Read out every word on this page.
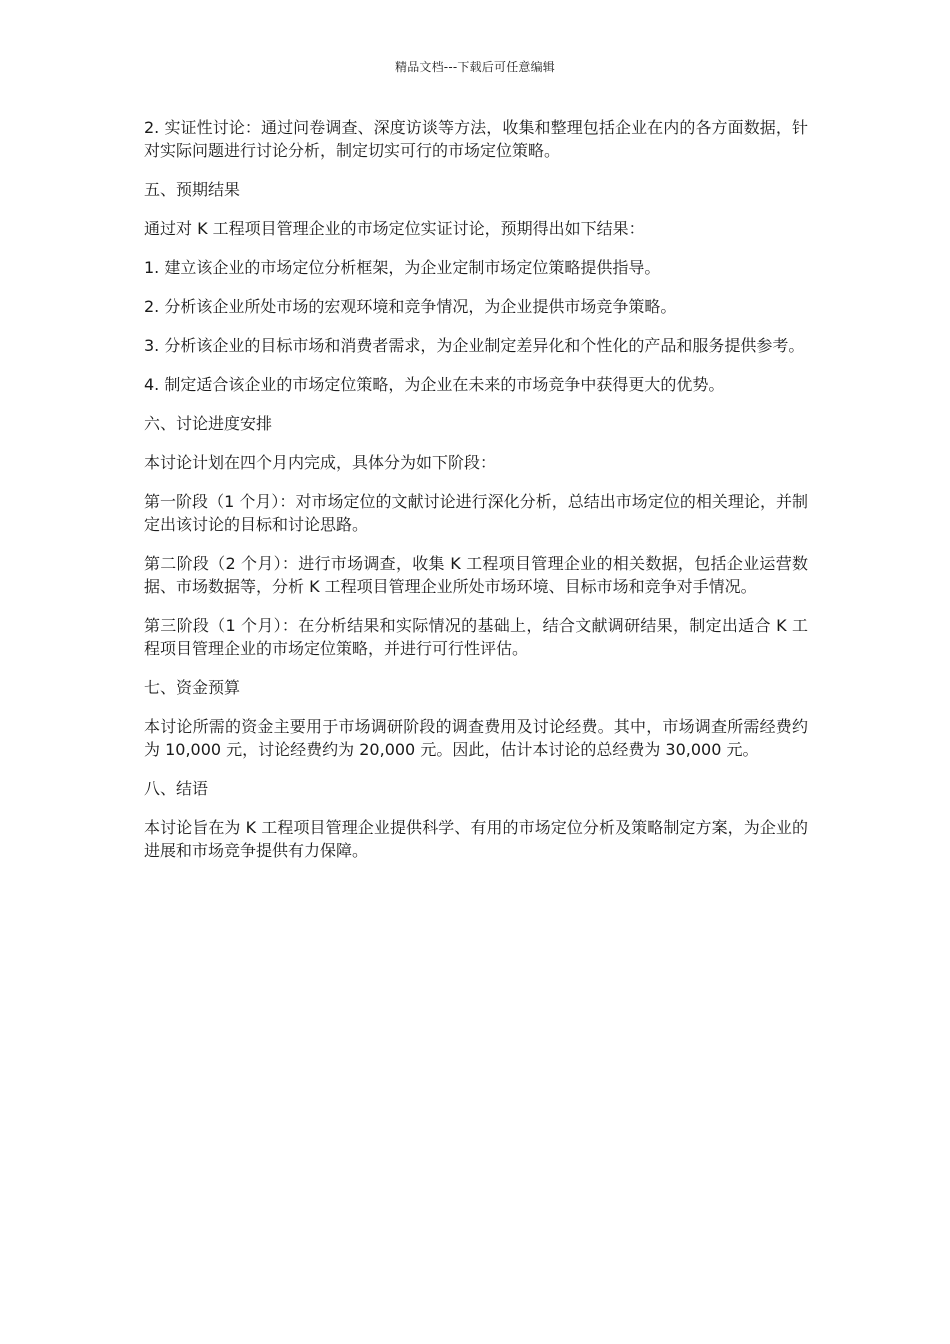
精品文档---下载后可任意编辑

2. 实证性讨论：通过问卷调查、深度访谈等方法，收集和整理包括企业在内的各方面数据，针对实际问题进行讨论分析，制定切实可行的市场定位策略。

五、预期结果

通过对 K 工程项目管理企业的市场定位实证讨论，预期得出如下结果：

1. 建立该企业的市场定位分析框架，为企业定制市场定位策略提供指导。

2. 分析该企业所处市场的宏观环境和竞争情况，为企业提供市场竞争策略。

3. 分析该企业的目标市场和消费者需求，为企业制定差异化和个性化的产品和服务提供参考。

4. 制定适合该企业的市场定位策略，为企业在未来的市场竞争中获得更大的优势。

六、讨论进度安排

本讨论计划在四个月内完成，具体分为如下阶段：

第一阶段（1 个月）：对市场定位的文献讨论进行深化分析，总结出市场定位的相关理论，并制定出该讨论的目标和讨论思路。

第二阶段（2 个月）：进行市场调查，收集 K 工程项目管理企业的相关数据，包括企业运营数据、市场数据等，分析 K 工程项目管理企业所处市场环境、目标市场和竞争对手情况。

第三阶段（1 个月）：在分析结果和实际情况的基础上，结合文献调研结果，制定出适合 K 工程项目管理企业的市场定位策略，并进行可行性评估。

七、资金预算

本讨论所需的资金主要用于市场调研阶段的调查费用及讨论经费。其中，市场调查所需经费约为 10,000 元，讨论经费约为 20,000 元。因此，估计本讨论的总经费为 30,000 元。

八、结语

本讨论旨在为 K 工程项目管理企业提供科学、有用的市场定位分析及策略制定方案，为企业的进展和市场竞争提供有力保障。
